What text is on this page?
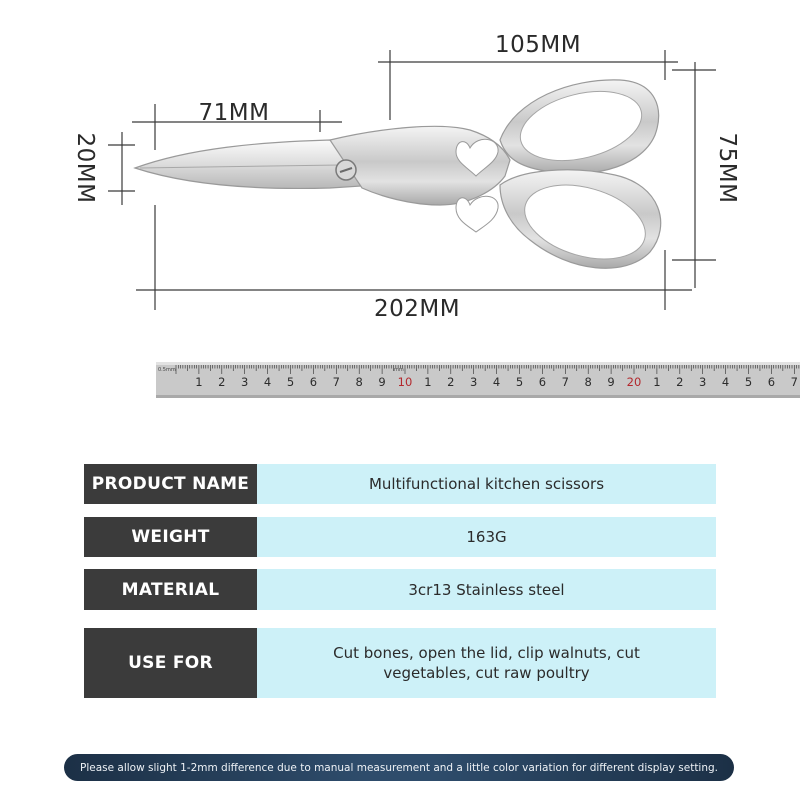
105MM
71MM
20MM	75MM
202MM
1 2 3 4 5 6 7 8 9 10 1 2 3 4 5 6 7 8 9 20 1 2 3 4 5 6 7
0.5mm	mm
PRODUCT NAME	Multifunctional kitchen scissors
WEIGHT	163G
MATERIAL	3cr13 Stainless steel
USE FOR	Cut bones, open the lid, clip walnuts, cut
vegetables, cut raw poultry
Please allow slight 1-2mm difference due to manual measurement and a little color variation for different display setting.
